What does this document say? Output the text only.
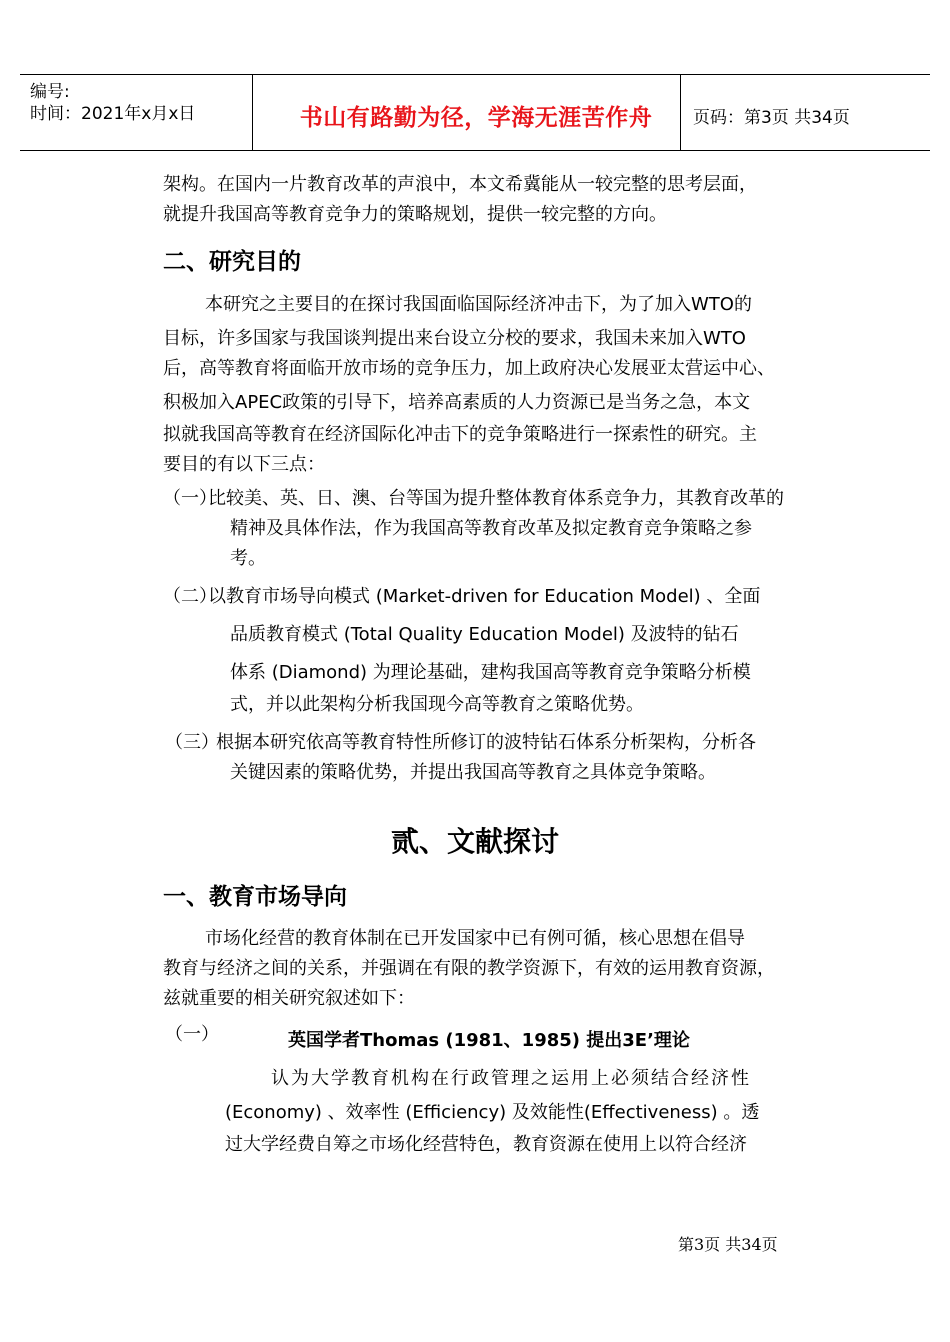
编号:
时间：2021年x月x日	书山有路勤为径，学海无涯苦作舟	页码：第3页 共34页

架构。在国内一片教育改革的声浪中，本文希冀能从一较完整的思考层面，

就提升我国高等教育竞争力的策略规划，提供一较完整的方向。

二、研究目的

本研究之主要目的在探讨我国面临国际经济冲击下，为了加入WTO的

目标，许多国家与我国谈判提出来台设立分校的要求，我国未来加入WTO

后，高等教育将面临开放市场的竞争压力，加上政府决心发展亚太营运中心、

积极加入APEC政策的引导下，培养高素质的人力资源已是当务之急，本文

拟就我国高等教育在经济国际化冲击下的竞争策略进行一探索性的研究。主

要目的有以下三点：

（一）

比较美、英、日、澳、台等国为提升整体教育体系竞争力，其教育改革的

精神及具体作法，作为我国高等教育改革及拟定教育竞争策略之参

考。

（二）

以教育市场导向模式 (Market-driven for Education Model) 、全面

品质教育模式 (Total Quality Education Model) 及波特的钻石

体系 (Diamond) 为理论基础，建构我国高等教育竞争策略分析模

式，并以此架构分析我国现今高等教育之策略优势。

（三）

根据本研究依高等教育特性所修订的波特钻石体系分析架构，分析各

关键因素的策略优势，并提出我国高等教育之具体竞争策略。

贰、文献探讨
一、教育市场导向

市场化经营的教育体制在已开发国家中已有例可循，核心思想在倡导

教育与经济之间的关系，并强调在有限的教学资源下，有效的运用教育资源，

兹就重要的相关研究叙述如下：

（一）	英国学者Thomas (1981、1985) 提出3E’理论

认为大学教育机构在行政管理之运用上必须结合经济性

(Economy) 、效率性 (Efficiency) 及效能性(Effectiveness) 。透

过大学经费自筹之市场化经营特色，教育资源在使用上以符合经济

第3页 共34页
